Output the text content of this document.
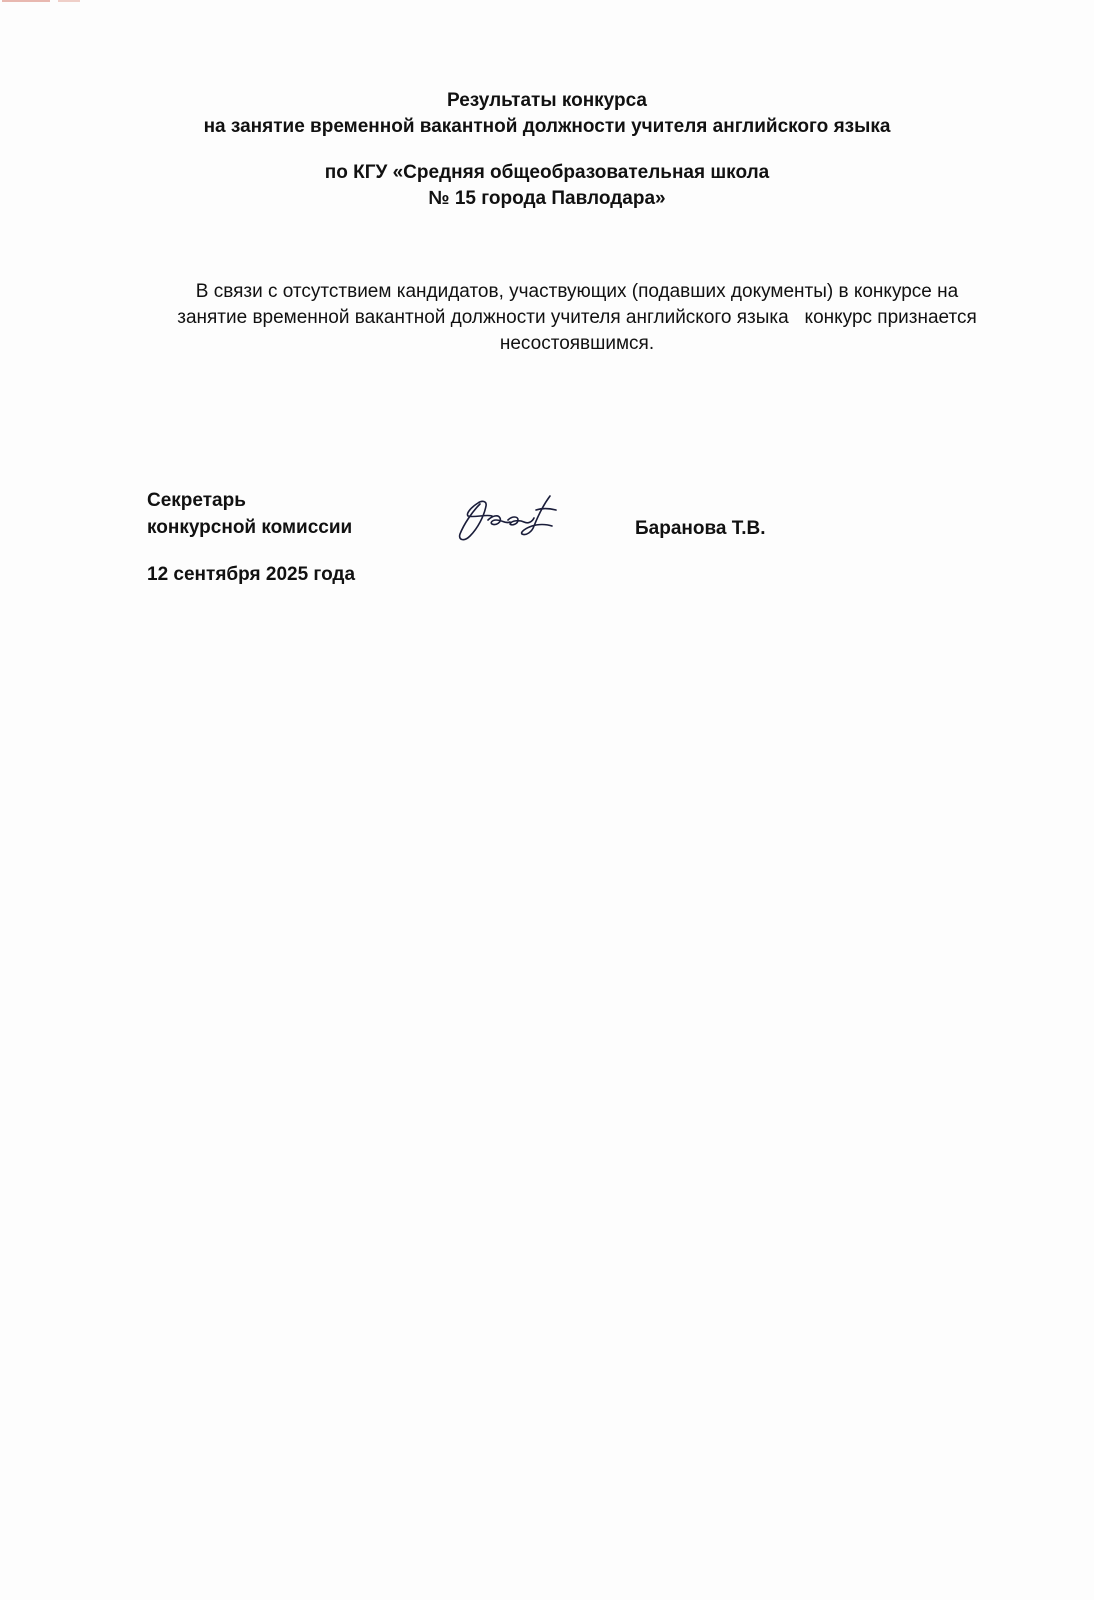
Результаты конкурса
на занятие временной вакантной должности учителя английского языка
по КГУ «Средняя общеобразовательная школа
№ 15 города Павлодара»
В связи с отсутствием кандидатов, участвующих (подавших документы) в конкурсе на
занятие временной вакантной должности учителя английского языка   конкурс признается
несостоявшимся.
Секретарь
конкурсной комиссии	Баранова Т.В.
12 сентября 2025 года
